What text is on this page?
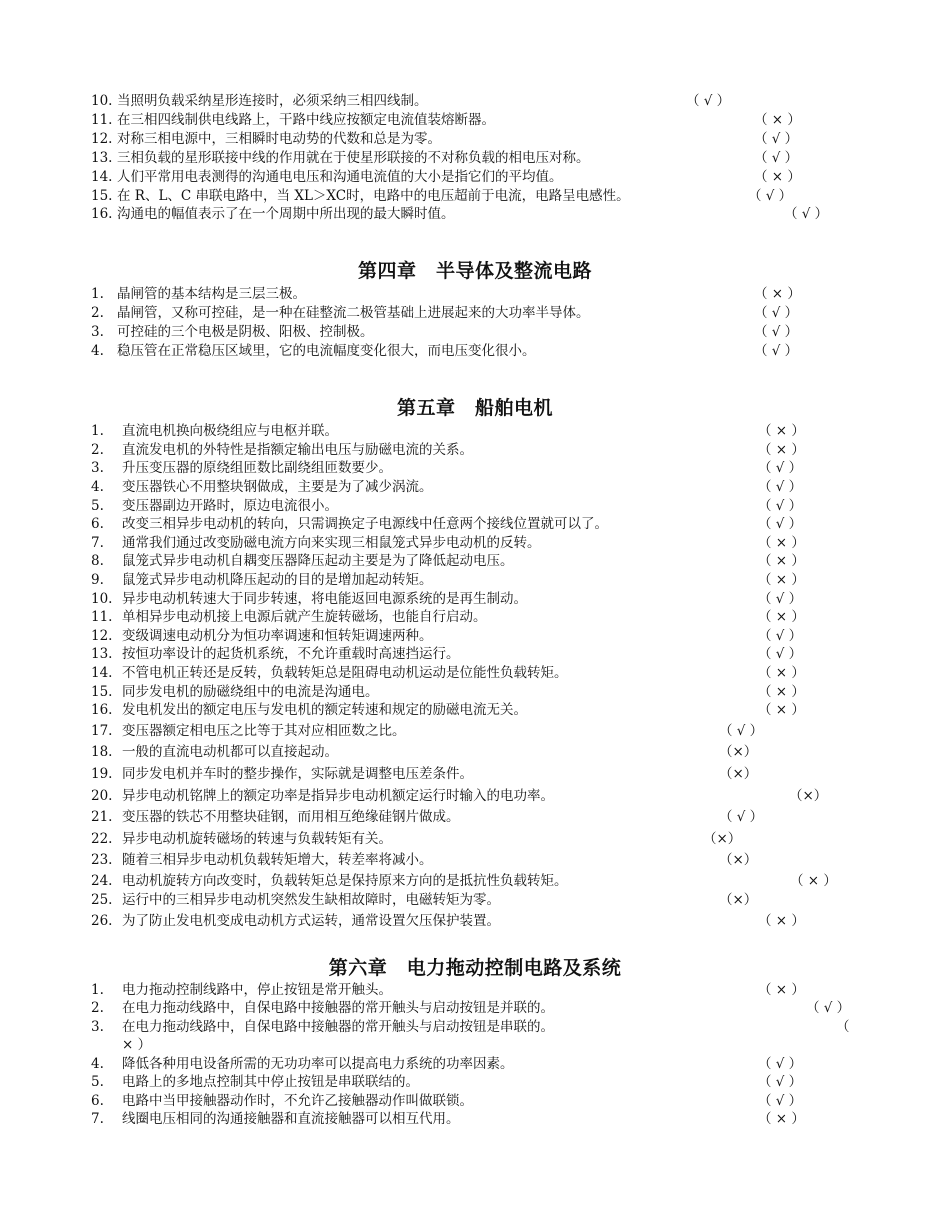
10. 当照明负载采纳星形连接时，必须采纳三相四线制。	（ √ ）
11. 在三相四线制供电线路上，干路中线应按额定电流值装熔断器。	（ × ）
12. 对称三相电源中，三相瞬时电动势的代数和总是为零。	（ √ ）
13. 三相负载的星形联接中线的作用就在于使星形联接的不对称负载的相电压对称。	（ √ ）
14. 人们平常用电表测得的沟通电电压和沟通电流值的大小是指它们的平均值。	（ × ）
15. 在 R、L、C 串联电路中，当 XL＞XC时，电路中的电压超前于电流，电路呈电感性。	（ √ ）
16. 沟通电的幅值表示了在一个周期中所出现的最大瞬时值。	（ √ ）
第四章　半导体及整流电路
1. 晶闸管的基本结构是三层三极。	（ × ）
2. 晶闸管，又称可控硅，是一种在硅整流二极管基础上进展起来的大功率半导体。	（ √ ）
3. 可控硅的三个电极是阴极、阳极、控制极。	（ √ ）
4. 稳压管在正常稳压区域里，它的电流幅度变化很大，而电压变化很小。	（ √ ）
第五章　船舶电机
1. 直流电机换向极绕组应与电枢并联。	（ × ）
2. 直流发电机的外特性是指额定输出电压与励磁电流的关系。	（ × ）
3. 升压变压器的原绕组匝数比副绕组匝数要少。	（ √ ）
4. 变压器铁心不用整块钢做成，主要是为了减少涡流。	（ √ ）
5. 变压器副边开路时，原边电流很小。	（ √ ）
6. 改变三相异步电动机的转向，只需调换定子电源线中任意两个接线位置就可以了。	（ √ ）
7. 通常我们通过改变励磁电流方向来实现三相鼠笼式异步电动机的反转。	（ × ）
8. 鼠笼式异步电动机自耦变压器降压起动主要是为了降低起动电压。	（ × ）
9. 鼠笼式异步电动机降压起动的目的是增加起动转矩。	（ × ）
10. 异步电动机转速大于同步转速，将电能返回电源系统的是再生制动。	（ √ ）
11. 单相异步电动机接上电源后就产生旋转磁场，也能自行启动。	（ × ）
12. 变级调速电动机分为恒功率调速和恒转矩调速两种。	（ √ ）
13. 按恒功率设计的起货机系统，不允许重载时高速挡运行。	（ √ ）
14. 不管电机正转还是反转，负载转矩总是阻碍电动机运动是位能性负载转矩。	（ × ）
15. 同步发电机的励磁绕组中的电流是沟通电。	（ × ）
16. 发电机发出的额定电压与发电机的额定转速和规定的励磁电流无关。	（ × ）
17. 变压器额定相电压之比等于其对应相匝数之比。	（ √ ）
18. 一般的直流电动机都可以直接起动。	（×）
19. 同步发电机并车时的整步操作，实际就是调整电压差条件。	（×）
20. 异步电动机铭牌上的额定功率是指异步电动机额定运行时输入的电功率。	（×）
21. 变压器的铁芯不用整块硅钢，而用相互绝缘硅钢片做成。	（ √ ）
22. 异步电动机旋转磁场的转速与负载转矩有关。	（×）
23. 随着三相异步电动机负载转矩增大，转差率将减小。	（×）
24. 电动机旋转方向改变时，负载转矩总是保持原来方向的是抵抗性负载转矩。	（ × ）
25. 运行中的三相异步电动机突然发生缺相故障时，电磁转矩为零。	（×）
26. 为了防止发电机变成电动机方式运转，通常设置欠压保护装置。	（ × ）
第六章　电力拖动控制电路及系统
1. 电力拖动控制线路中，停止按钮是常开触头。	（ × ）
2. 在电力拖动线路中，自保电路中接触器的常开触头与启动按钮是并联的。	（ √ ）
3. 在电力拖动线路中，自保电路中接触器的常开触头与启动按钮是串联的。	（
× ）
4. 降低各种用电设备所需的无功功率可以提高电力系统的功率因素。	（ √ ）
5. 电路上的多地点控制其中停止按钮是串联联结的。	（ √ ）
6. 电路中当甲接触器动作时，不允许乙接触器动作叫做联锁。	（ √ ）
7. 线圈电压相同的沟通接触器和直流接触器可以相互代用。	（ × ）
